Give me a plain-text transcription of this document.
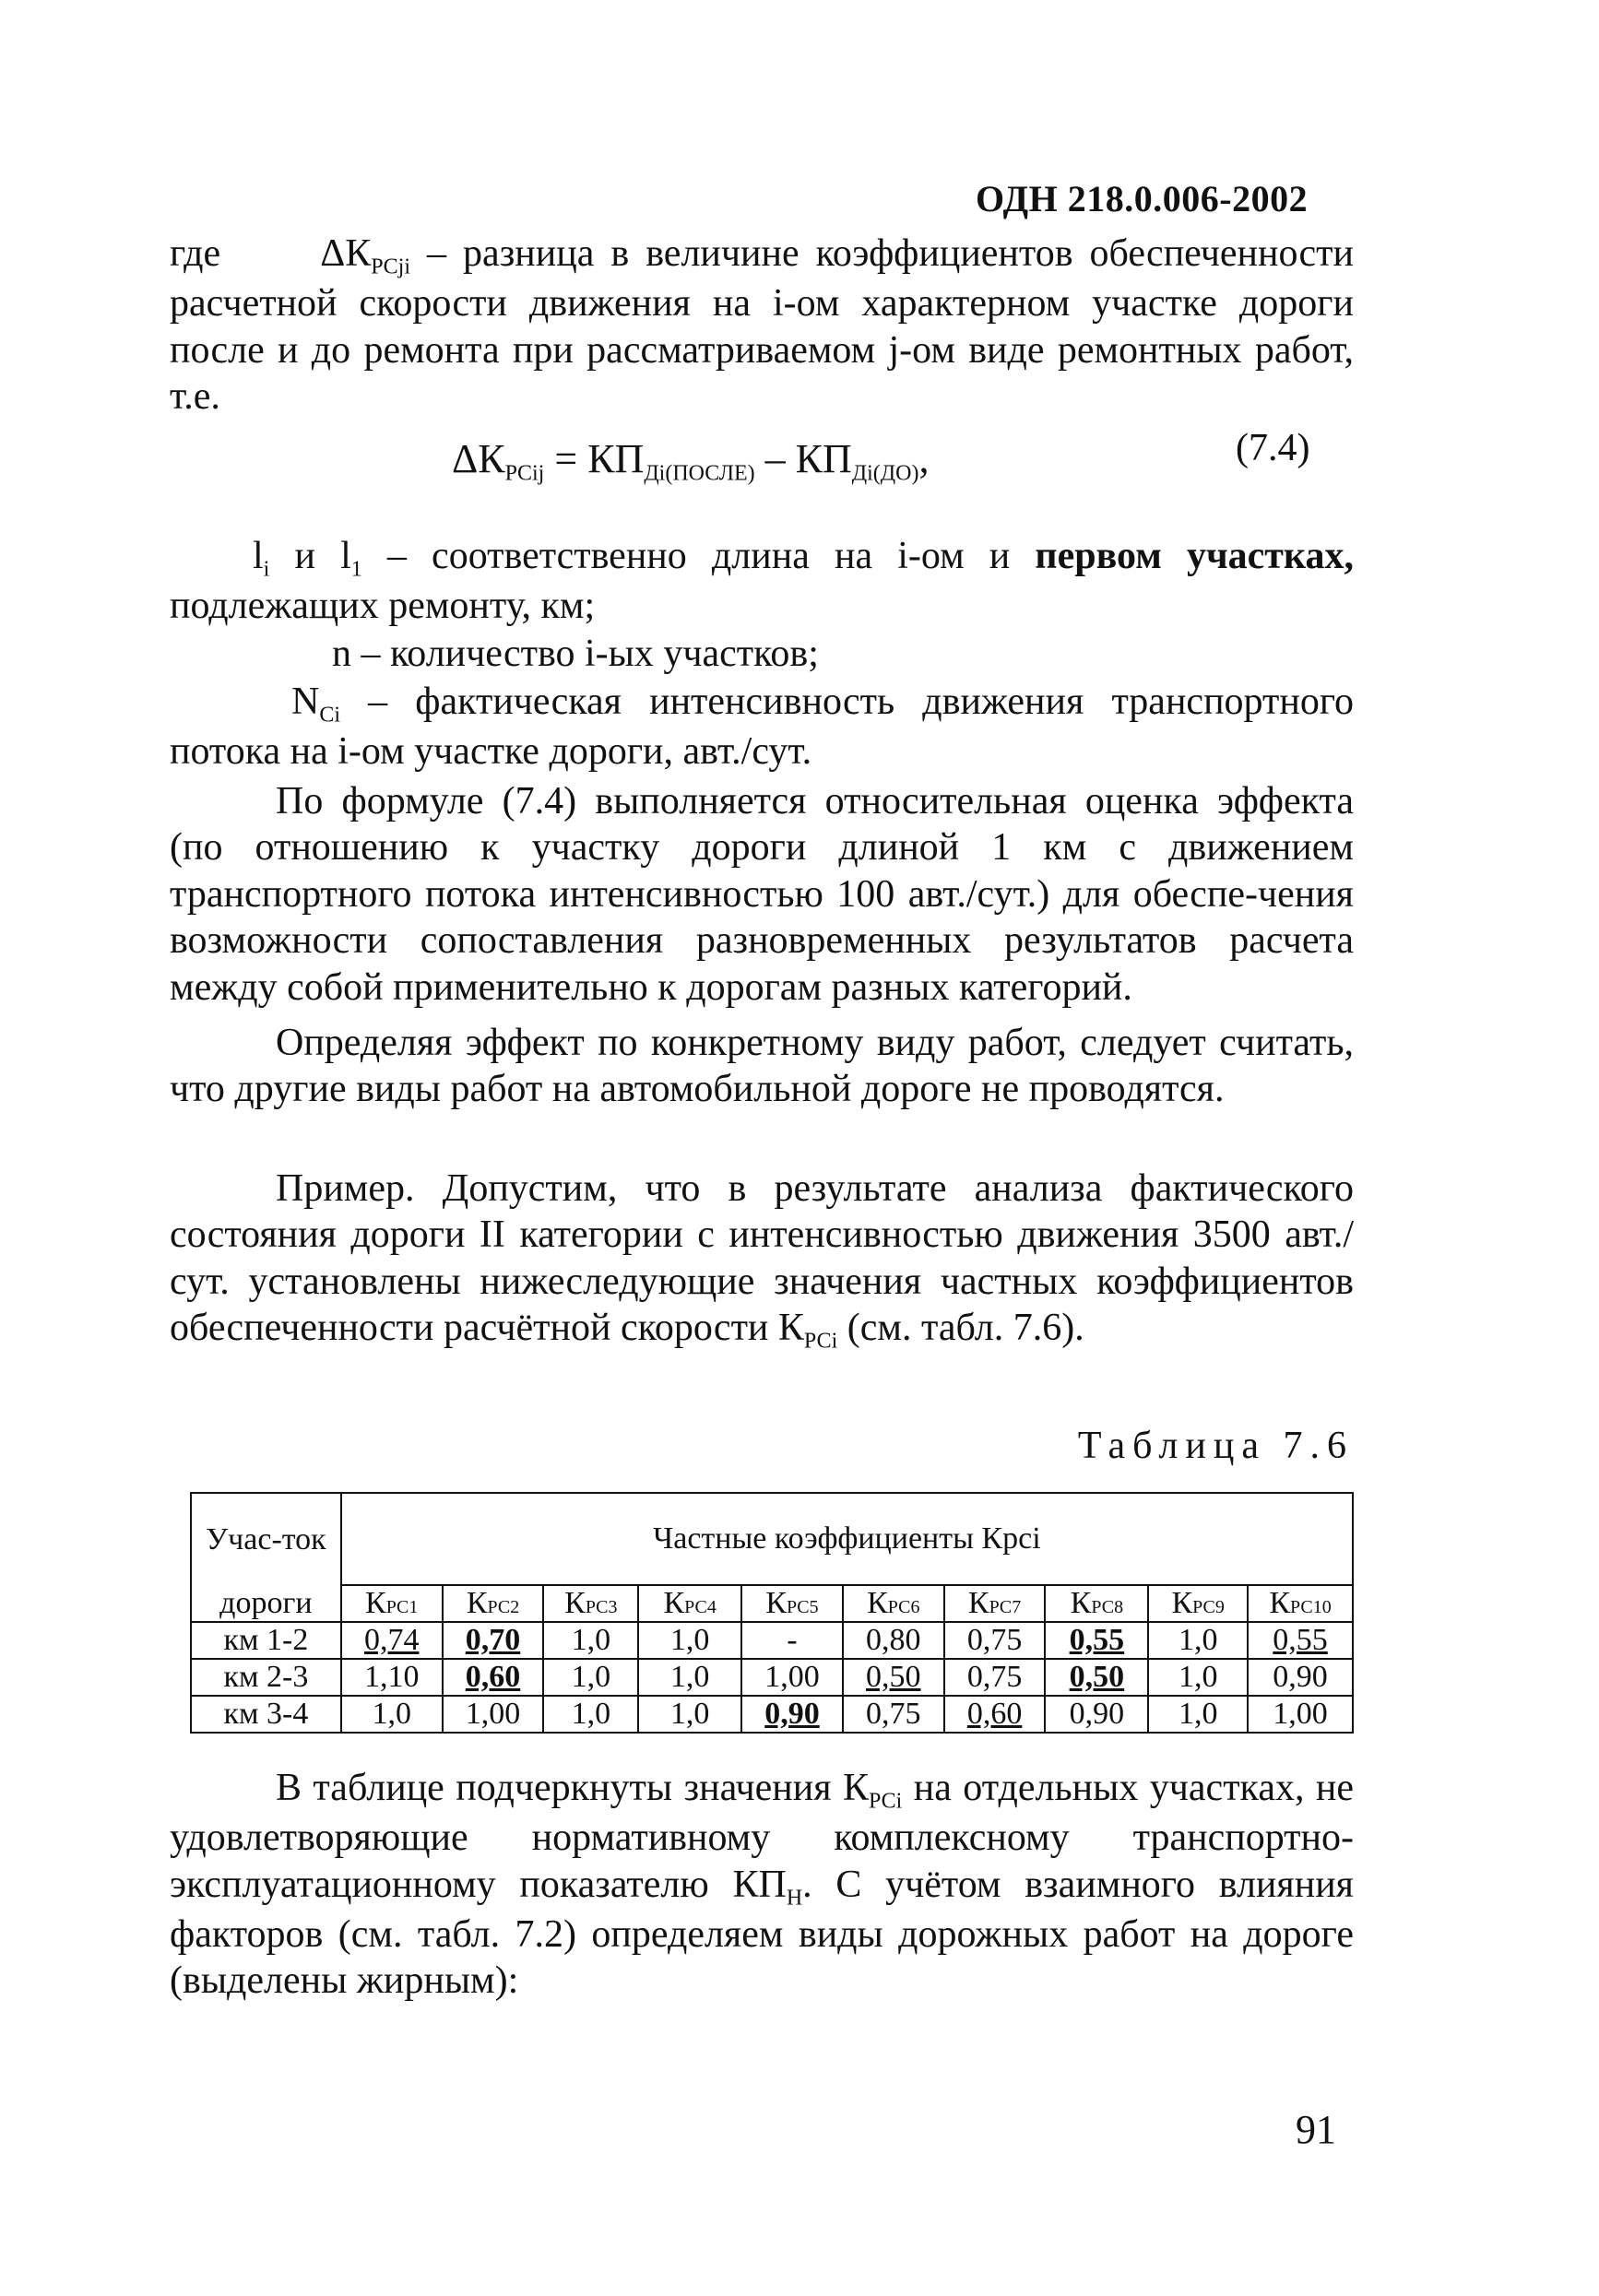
ОДН 218.0.006-2002
где	$\Delta К_{РCji}$ – разница в величине коэффициентов обеспеченности расчетной скорости движения на i-ом характерном участке дороги после и до ремонта при рассматриваемом j-ом виде ремонтных работ, т.е.
ΔКРCij = КПДi(ПОСЛЕ) – КПДi(ДО),	(7.4)
$l_i$ и $l_1$ – соответственно длина на i-ом и первом участках, подлежащих ремонту, км;
n – количество i-ых участков;
$N_{Ci}$ – фактическая интенсивность движения транспортного потока на i-ом участке дороги, авт./сут.
По формуле (7.4) выполняется относительная оценка эффекта (по отношению к участку дороги длиной 1 км с движением транспортного потока интенсивностью 100 авт./сут.) для обеспе-чения возможности сопоставления разновременных результатов расчета между собой применительно к дорогам разных категорий.
Определяя эффект по конкретному виду работ, следует считать, что другие виды работ на автомобильной дороге не проводятся.
Пример. Допустим, что в результате анализа фактического состояния дороги II категории с интенсивностью движения 3500 авт./сут. установлены нижеследующие значения частных коэффициентов обеспеченности расчётной скорости $К_{РСi}$ (см. табл. 7.6).
Таблица 7.6
Учас-ток	Частные коэффициенты Крсi									
дороги	КРС1	КРС2	КРС3	КРС4	КРС5	КРС6	КРС7	КРС8	КРС9	КРС10
км 1-2	0,74	0,70	1,0	1,0	-	0,80	0,75	0,55	1,0	0,55
км 2-3	1,10	0,60	1,0	1,0	1,00	0,50	0,75	0,50	1,0	0,90
км 3-4	1,0	1,00	1,0	1,0	0,90	0,75	0,60	0,90	1,0	1,00
В таблице подчеркнуты значения $К_{РСi}$ на отдельных участках, не удовлетворяющие нормативному комплексному транспортно-эксплуатационному показателю $КП_Н$. С учётом взаимного влияния факторов (см. табл. 7.2) определяем виды дорожных работ на дороге (выделены жирным):
91
